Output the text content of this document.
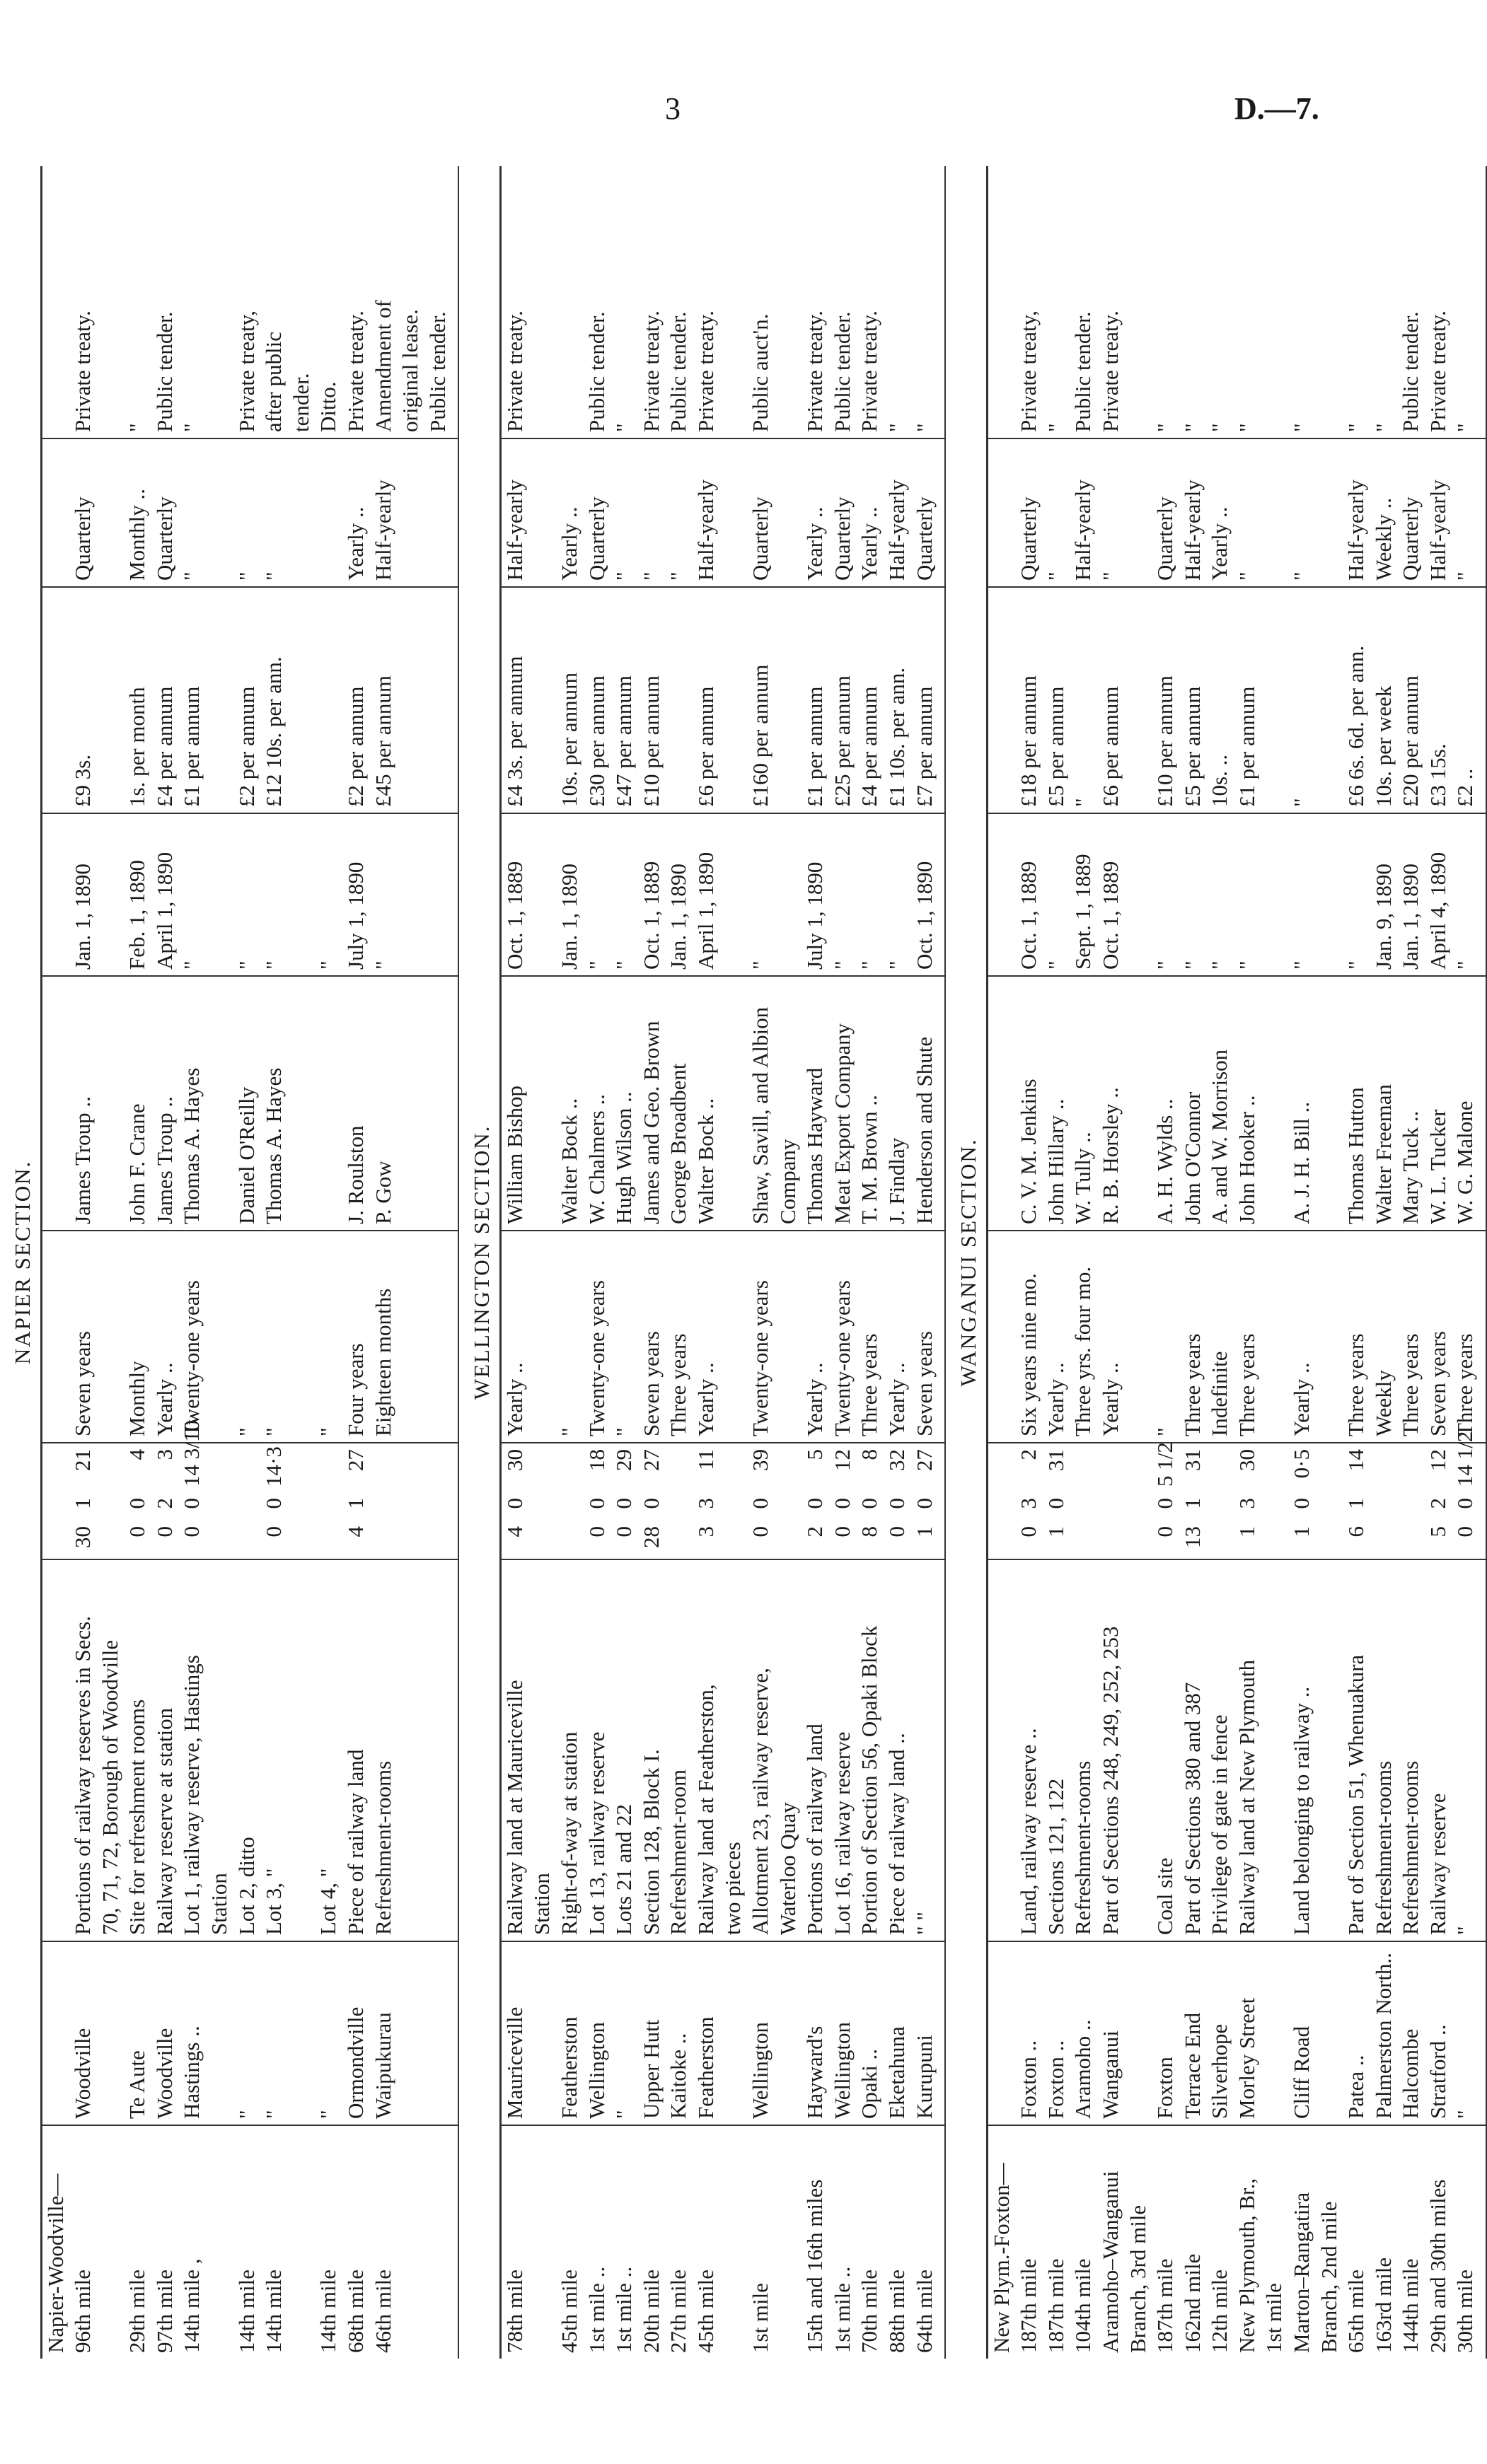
3	D.—7.
NAPIER SECTION.											
Napier-Woodville—											
96th mile	Woodville	Portions of railway reserves in Secs.	30	1	21	Seven years	James Troup ..	Jan. 1, 1890	£9 3s.	Quarterly	Private treaty.
		70, 71, 72, Borough of Woodville									
29th mile	Te Aute	Site for refreshment rooms	0	0	4	Monthly	John F. Crane	Feb. 1, 1890	1s. per month	Monthly ..	"
97th mile	Woodville	Railway reserve at station	0	2	3	Yearly ..	James Troup ..	April 1, 1890	£4 per annum	Quarterly	Public tender.
14th mile ,	Hastings ..	Lot 1, railway reserve, Hastings	0	0	14 3/10	Twenty-one years	Thomas A. Hayes	"	£1 per annum	"	"
		Station									
14th mile	"	Lot 2, ditto				"	Daniel O'Reilly	"	£2 per annum	"	Private treaty,
14th mile	"	Lot 3, "	0	0	14·3	"	Thomas A. Hayes	"	£12 10s. per ann.	"	after public
											tender.
14th mile	"	Lot 4, "				"		"			Ditto.
68th mile	Ormondville	Piece of railway land	4	1	27	Four years	J. Roulston	July 1, 1890	£2 per annum	Yearly ..	Private treaty.
46th mile	Waipukurau	Refreshment-rooms				Eighteen months	P. Gow	"	£45 per annum	Half-yearly	Amendment of
											original lease.
											Public tender.
WELLINGTON SECTION.											
78th mile	Mauriceville	Railway land at Mauriceville	4	0	30	Yearly ..	William Bishop	Oct. 1, 1889	£4 3s. per annum	Half-yearly	Private treaty.
		Station									
45th mile	Featherston	Right-of-way at station				"	Walter Bock ..	Jan. 1, 1890	10s. per annum	Yearly ..	
1st mile ..	Wellington	Lot 13, railway reserve	0	0	18	Twenty-one years	W. Chalmers ..	"	£30 per annum	Quarterly	Public tender.
1st mile ..	"	Lots 21 and 22	0	0	29	"	Hugh Wilson ..	"	£47 per annum	"	"
20th mile	Upper Hutt	Section 128, Block I.	28	0	27	Seven years	James and Geo. Brown	Oct. 1, 1889	£10 per annum	"	Private treaty.
27th mile	Kaitoke ..	Refreshment-room				Three years	George Broadbent	Jan. 1, 1890		"	Public tender.
45th mile	Featherston	Railway land at Featherston,	3	3	11	Yearly ..	Walter Bock ..	April 1, 1890	£6 per annum	Half-yearly	Private treaty.
		two pieces									
1st mile	Wellington	Allotment 23, railway reserve,	0	0	39	Twenty-one years	Shaw, Savill, and Albion	"	£160 per annum	Quarterly	Public auct'n.
		Waterloo Quay					Company				
15th and 16th miles	Hayward's	Portions of railway land	2	0	5	Yearly ..	Thomas Hayward	July 1, 1890	£1 per annum	Yearly ..	Private treaty.
1st mile ..	Wellington	Lot 16, railway reserve	0	0	12	Twenty-one years	Meat Export Company	"	£25 per annum	Quarterly	Public tender.
70th mile	Opaki ..	Portion of Section 56, Opaki Block	8	0	8	Three years	T. M. Brown ..	"	£4 per annum	Yearly ..	Private treaty.
88th mile	Eketahuna	Piece of railway land ..	0	0	32	Yearly ..	J. Findlay	"	£1 10s. per ann.	Half-yearly	"
64th mile	Kurupuni	" "	1	0	27	Seven years	Henderson and Shute	Oct. 1, 1890	£7 per annum	Quarterly	"
WANGANUI SECTION.											
New Plym.-Foxton—											
187th mile	Foxton ..	Land, railway reserve ..	0	3	2	Six years nine mo.	C. V. M. Jenkins	Oct. 1, 1889	£18 per annum	Quarterly	Private treaty,
187th mile	Foxton ..	Sections 121, 122	1	0	31	Yearly ..	John Hillary ..	"	£5 per annum	"	"
104th mile	Aramoho ..	Refreshment-rooms				Three yrs. four mo.	W. Tully ..	Sept. 1, 1889	"	Half-yearly	Public tender.
Aramoho–Wanganui	Wanganui	Part of Sections 248, 249, 252, 253				Yearly ..	R. B. Horsley ..	Oct. 1, 1889	£6 per annum	"	Private treaty.
Branch, 3rd mile											
187th mile	Foxton	Coal site	0	0	5 1/2	"	A. H. Wylds ..	"	£10 per annum	Quarterly	"
162nd mile	Terrace End	Part of Sections 380 and 387	13	1	31	Three years	John O'Connor	"	£5 per annum	Half-yearly	"
12th mile	Silverhope	Privilege of gate in fence				Indefinite	A. and W. Morrison	"	10s. ..	Yearly ..	"
New Plymouth, Br.,	Morley Street	Railway land at New Plymouth	1	3	30	Three years	John Hooker ..	"	£1 per annum	"	"
1st mile											
Marton–Rangatira	Cliff Road	Land belonging to railway ..	1	0	0·5	Yearly ..	A. J. H. Bill ..	"	"	"	"
Branch, 2nd mile											
65th mile	Patea ..	Part of Section 51, Whenuakura	6	1	14	Three years	Thomas Hutton	"	£6 6s. 6d. per ann.	Half-yearly	"
163rd mile	Palmerston North..	Refreshment-rooms				Weekly	Walter Freeman	Jan. 9, 1890	10s. per week	Weekly ..	"
144th mile	Halcombe	Refreshment-rooms				Three years	Mary Tuck ..	Jan. 1, 1890	£20 per annum	Quarterly	Public tender.
29th and 30th miles	Stratford ..	Railway reserve	5	2	12	Seven years	W. L. Tucker	April 4, 1890	£3 15s.	Half-yearly	Private treaty.
30th mile	"	"	0	0	14 1/2	Three years	W. G. Malone	"	£2 ..	"	"
